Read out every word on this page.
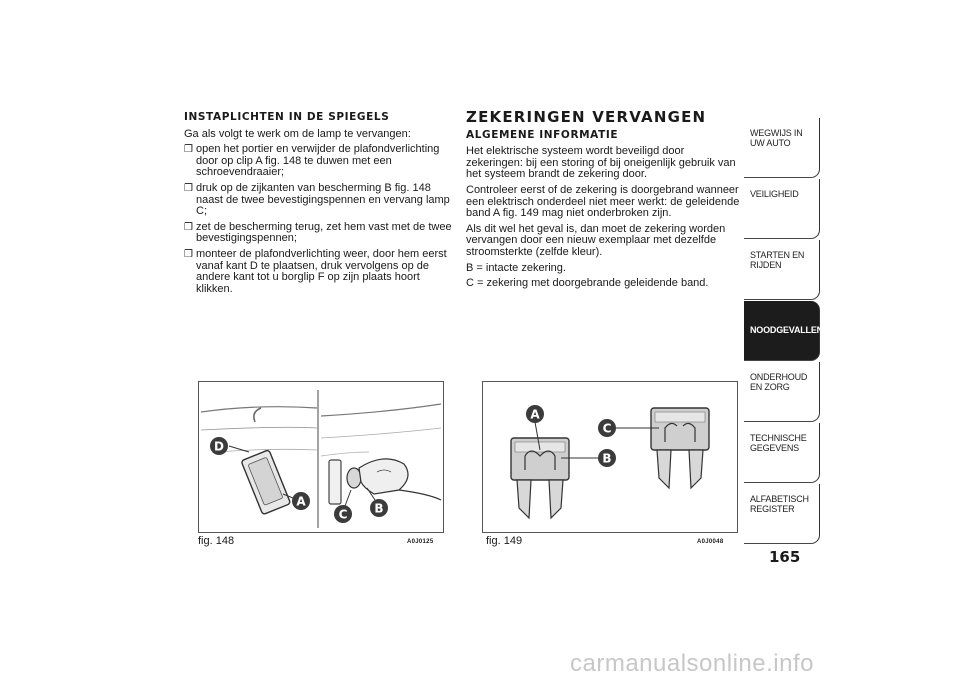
INSTAPLICHTEN IN DE SPIEGELS

Ga als volgt te werk om de lamp te vervangen:

❒ open het portier en verwijder de plafondverlichting door op clip A fig. 148 te duwen met een schroevendraaier;
❒ druk op de zijkanten van bescherming B fig. 148 naast de twee bevestigingspennen en vervang lamp C;
❒ zet de bescherming terug, zet hem vast met de twee bevestigingspennen;
❒ monteer de plafondverlichting weer, door hem eerst vanaf kant D te plaatsen, druk vervolgens op de andere kant tot u borglip F op zijn plaats hoort klikken.
ZEKERINGEN VERVANGEN
ALGEMENE INFORMATIE

Het elektrische systeem wordt beveiligd door zekeringen: bij een storing of bij oneigenlijk gebruik van het systeem brandt de zekering door.

Controleer eerst of de zekering is doorgebrand wanneer een elektrisch onderdeel niet meer werkt: de geleidende band A fig. 149 mag niet onderbroken zijn.

Als dit wel het geval is, dan moet de zekering worden vervangen door een nieuw exemplaar met dezelfde stroomsterkte (zelfde kleur).

B = intacte zekering.

C = zekering met doorgebrande geleidende band.

D
A
C B
fig. 148	A0J0125
A
C
B
fig. 149	A0J0048
WEGWIJS IN UW AUTO
VEILIGHEID
STARTEN EN RIJDEN
NOODGEVALLEN
ONDERHOUD EN ZORG
TECHNISCHE GEGEVENS
ALFABETISCH REGISTER
165
carmanualsonline.info
